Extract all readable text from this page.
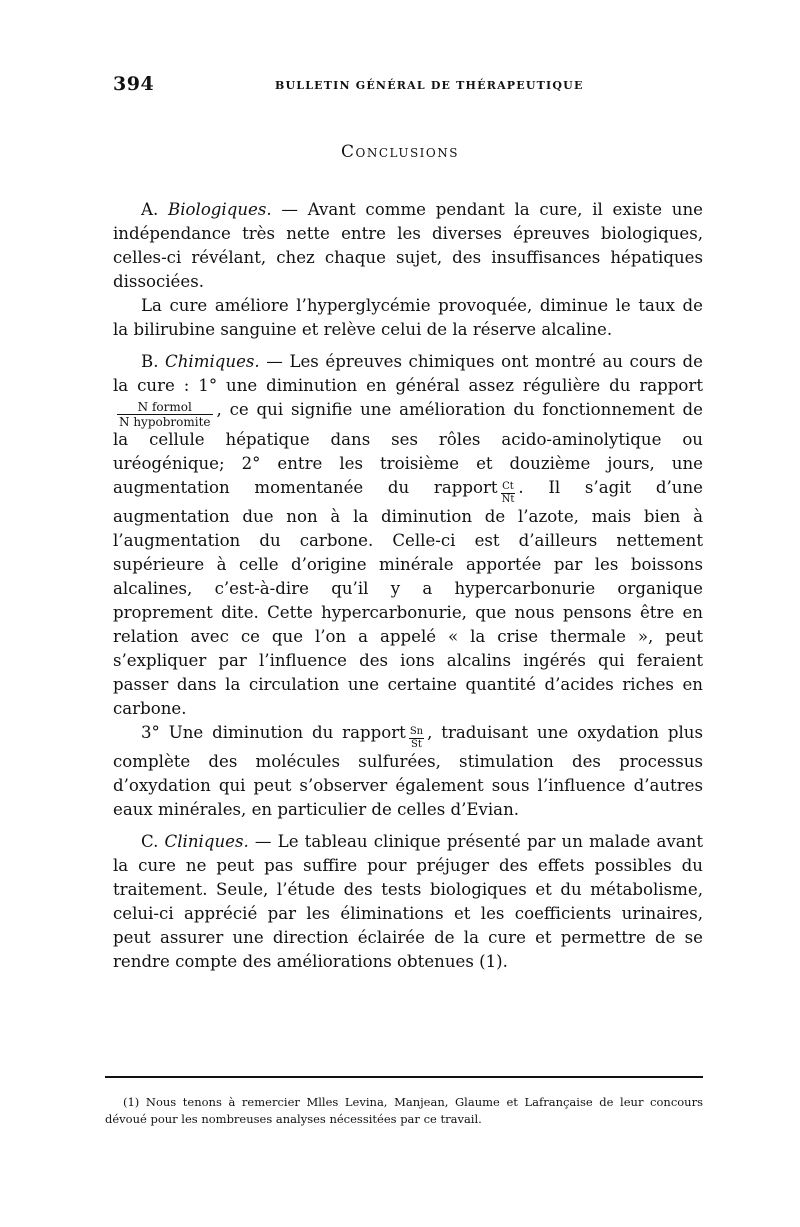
394	BULLETIN GÉNÉRAL DE THÉRAPEUTIQUE
Conclusions

A. Biologiques. — Avant comme pendant la cure, il existe une indépendance très nette entre les diverses épreuves biologiques, celles-ci révélant, chez chaque sujet, des insuffisances hépatiques dissociées.

La cure améliore l’hyperglycémie provoquée, diminue le taux de la bilirubine sanguine et relève celui de la réserve alcaline.

B. Chimiques. — Les épreuves chimiques ont montré au cours de la cure : 1° une diminution en général assez régulière du rapport
$\frac{\text{N formol}}{\text{N hypobromite}}$ , ce qui signifie une amélioration du fonctionnement de la cellule hépatique dans ses rôles acido-aminolytique ou uréogénique; 2° entre les troisième et douzième jours, une augmentation momentanée du rapport $\frac{Ct}{Nt}$ . Il s’agit d’une augmentation due non à la diminution de l’azote, mais bien à l’augmentation du carbone. Celle-ci est d’ailleurs nettement supérieure à celle d’origine minérale apportée par les boissons alcalines, c’est-à-dire qu’il y a hypercarbonurie organique proprement dite. Cette hypercarbonurie, que nous pensons être en relation avec ce que l’on a appelé « la crise thermale », peut s’expliquer par l’influence des ions alcalins ingérés qui feraient passer dans la circulation une certaine quantité d’acides riches en carbone.

3° Une diminution du rapport $\frac{Sn}{St}$ , traduisant une oxydation plus complète des molécules sulfurées, stimulation des processus d’oxydation qui peut s’observer également sous l’influence d’autres eaux minérales, en particulier de celles d’Evian.

C. Cliniques. — Le tableau clinique présenté par un malade avant la cure ne peut pas suffire pour préjuger des effets possibles du traitement. Seule, l’étude des tests biologiques et du métabolisme, celui-ci apprécié par les éliminations et les coefficients urinaires, peut assurer une direction éclairée de la cure et permettre de se rendre compte des améliorations obtenues (1).

(1) Nous tenons à remercier Mlles Levina, Manjean, Glaume et Lafrançaise de leur concours dévoué pour les nombreuses analyses nécessitées par ce travail.
